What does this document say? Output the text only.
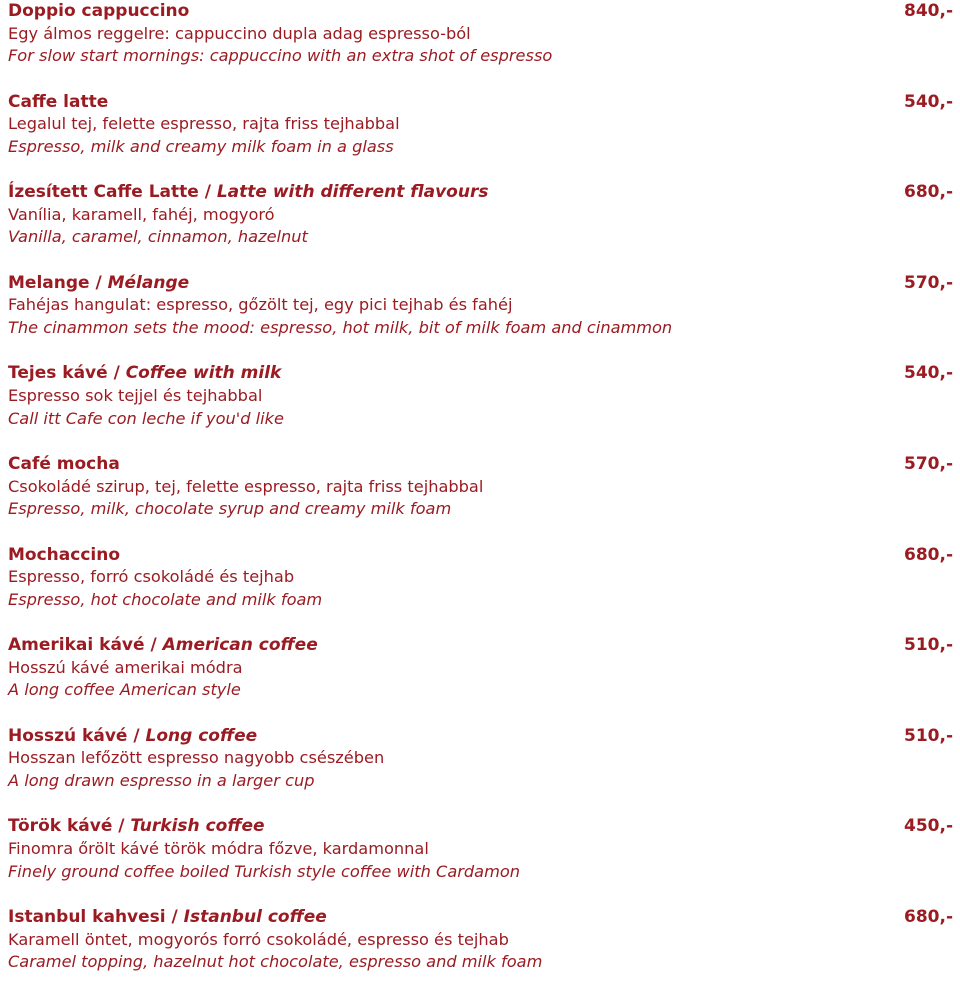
Doppio cappuccino	840,-
Egy álmos reggelre: cappuccino dupla adag espresso-ból
For slow start mornings: cappuccino with an extra shot of espresso
Caffe latte	540,-
Legalul tej, felette espresso, rajta friss tejhabbal
Espresso, milk and creamy milk foam in a glass
Ízesített Caffe Latte / Latte with different flavours	680,-
Vanília, karamell, fahéj, mogyoró
Vanilla, caramel, cinnamon, hazelnut
Melange / Mélange	570,-
Fahéjas hangulat: espresso, gőzölt tej, egy pici tejhab és fahéj
The cinammon sets the mood: espresso, hot milk, bit of milk foam and cinammon
Tejes kávé / Coffee with milk	540,-
Espresso sok tejjel és tejhabbal
Call itt Cafe con leche if you'd like
Café mocha	570,-
Csokoládé szirup, tej, felette espresso, rajta friss tejhabbal
Espresso, milk, chocolate syrup and creamy milk foam
Mochaccino	680,-
Espresso, forró csokoládé és tejhab
Espresso, hot chocolate and milk foam
Amerikai kávé / American coffee	510,-
Hosszú kávé amerikai módra
A long coffee American style
Hosszú kávé / Long coffee	510,-
Hosszan lefőzött espresso nagyobb csészében
A long drawn espresso in a larger cup
Török kávé / Turkish coffee	450,-
Finomra őrölt kávé török módra főzve, kardamonnal
Finely ground coffee boiled Turkish style coffee with Cardamon
Istanbul kahvesi / Istanbul coffee	680,-
Karamell öntet, mogyorós forró csokoládé, espresso és tejhab
Caramel topping, hazelnut hot chocolate, espresso and milk foam
